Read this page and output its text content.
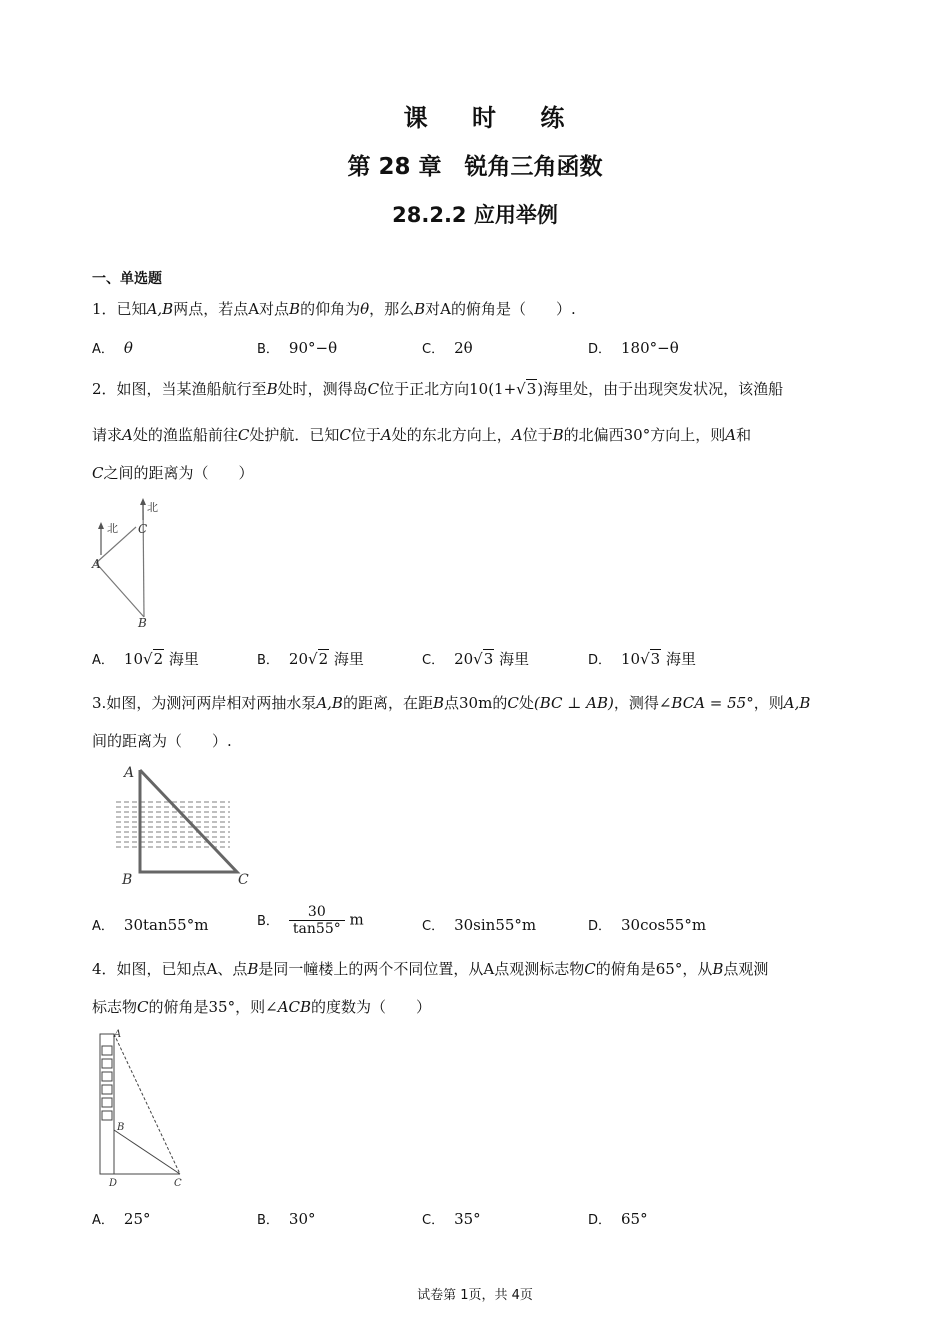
课 时 练
第 28 章　锐角三角函数
28.2.2 应用举例
一、单选题
1．已知A,B两点，若点A对点B的仰角为θ，那么B对A的俯角是（　　）.
A． θ	B． 90°−θ	C． 2θ	D． 180°−θ
2．如图，当某渔船航行至B处时，测得岛C位于正北方向10(1+√3)海里处，由于出现突发状况，该渔船
请求A处的渔监船前往C处护航．已知C位于A处的东北方向上，A位于B的北偏西30°方向上，则A和
C之间的距离为（　　）
北
北
A
B
C
A． 10√2 海里	B． 20√2 海里	C． 20√3 海里	D． 10√3 海里
3.如图，为测河两岸相对两抽水泵A,B的距离，在距B点30m的C处(BC ⊥ AB)，测得∠BCA = 55°，则A,B
间的距离为（　　）.
A
B	C
A． 30tan55°m	B． $\frac{30}{\tan 55^\circ}$ m	C． 30sin55°m	D． 30cos55°m
4．如图，已知点A、点B是同一幢楼上的两个不同位置，从A点观测标志物C的俯角是65°，从B点观测
标志物C的俯角是35°，则∠ACB的度数为（　　）
A
B
C
D
A． 25°	B． 30°	C． 35°	D． 65°
试卷第 1页，共 4页
